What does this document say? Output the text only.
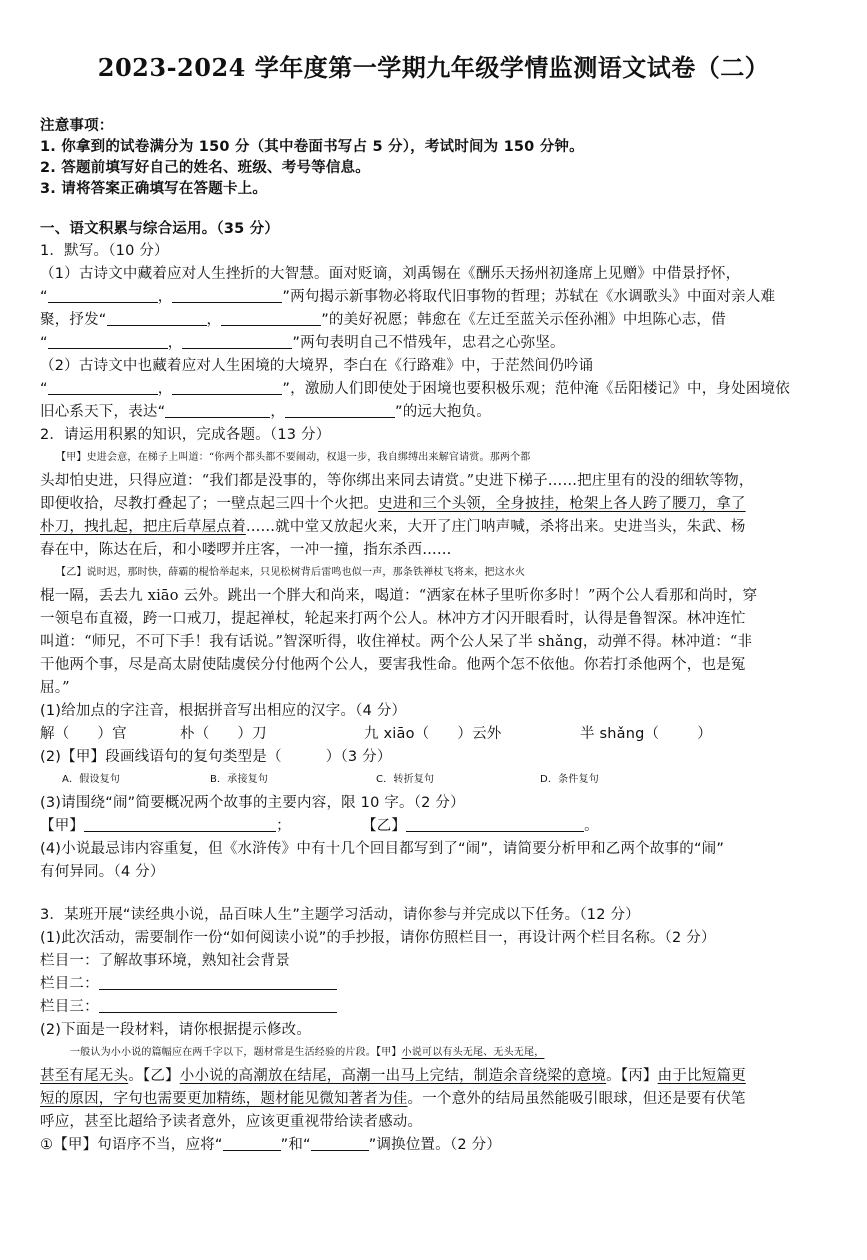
2023-2024 学年度第一学期九年级学情监测语文试卷（二）
注意事项：
1. 你拿到的试卷满分为 150 分（其中卷面书写占 5 分），考试时间为 150 分钟。
2. 答题前填写好自己的姓名、班级、考号等信息。
3. 请将答案正确填写在答题卡上。
一、语文积累与综合运用。（35 分）
1．默写。（10 分）
（1）古诗文中藏着应对人生挫折的大智慧。面对贬谪，刘禹锡在《酬乐天扬州初逢席上见赠》中借景抒怀，
“	，	”两句揭示新事物必将取代旧事物的哲理；苏轼在《水调歌头》中面对亲人难
聚，抒发“	，	”的美好祝愿；韩愈在《左迁至蓝关示侄孙湘》中坦陈心志，借
“	，	”两句表明自己不惜残年，忠君之心弥坚。
（2）古诗文中也藏着应对人生困境的大境界，李白在《行路难》中，于茫然间仍吟诵
“	，	”，激励人们即使处于困境也要积极乐观；范仲淹《岳阳楼记》中，身处困境依
旧心系天下，表达“	，	”的远大抱负。
2．请运用积累的知识，完成各题。（13 分）
【甲】史进会意，在梯子上叫道：“你两个都头都不要闹动，权退一步，我自绑缚出来解官请赏。那两个都
头却怕史进，只得应道：“我们都是没事的，等你绑出来同去请赏。”史进下梯子……把庄里有的没的细软等物，
即便收拾，尽教打叠起了；一壁点起三四十个火把。史进和三个头领，全身披挂，枪架上各人跨了腰刀，拿了
朴刀，拽扎起，把庄后草屋点着……就中堂又放起火来，大开了庄门呐声喊，杀将出来。史进当头，朱武、杨
春在中，陈达在后，和小喽啰并庄客，一冲一撞，指东杀西……
【乙】说时迟，那时快，薛霸的棍恰举起来，只见松树背后雷鸣也似一声，那条铁禅杖飞将来，把这水火
棍一隔，丢去九 xiāo 云外。跳出一个胖大和尚来，喝道：“洒家在林子里听你多时！”两个公人看那和尚时，穿
一领皂布直裰，跨一口戒刀，提起禅杖，轮起来打两个公人。林冲方才闪开眼看时，认得是鲁智深。林冲连忙
叫道：“师兄，不可下手！我有话说。”智深听得，收住禅杖。两个公人呆了半 shǎng，动弹不得。林冲道：“非
干他两个事，尽是高太尉使陆虞侯分付他两个公人，要害我性命。他两个怎不依他。你若打杀他两个，也是冤
屈。”
(1)给加点的字注音，根据拼音写出相应的汉字。（4 分）
解（ ）官	朴（ ）刀	九 xiāo（ ）云外	半 shǎng（	）
(2)【甲】段画线语句的复句类型是（　　　）（3 分）
A．假设复句	B．承接复句	C．转折复句	D．条件复句
(3)请围绕“闹”简要概况两个故事的主要内容，限 10 字。（2 分）
【甲】	；	【乙】	。
(4)小说最忌讳内容重复，但《水浒传》中有十几个回目都写到了“闹”，请简要分析甲和乙两个故事的“闹”
有何异同。（4 分）
3．某班开展“读经典小说，品百味人生”主题学习活动，请你参与并完成以下任务。（12 分）
(1)此次活动，需要制作一份“如何阅读小说”的手抄报，请你仿照栏目一，再设计两个栏目名称。（2 分）
栏目一：了解故事环境，熟知社会背景
栏目二：
栏目三：
(2)下面是一段材料，请你根据提示修改。
一般认为小小说的篇幅应在两千字以下，题材常是生活经验的片段。【甲】小说可以有头无尾、无头无尾，
甚至有尾无头。【乙】小小说的高潮放在结尾，高潮一出马上完结，制造余音绕梁的意境。【丙】由于比短篇更
短的原因，字句也需要更加精练，题材能见微知著者为佳。一个意外的结局虽然能吸引眼球，但还是要有伏笔
呼应，甚至比超给予读者意外，应该更重视带给读者感动。
①【甲】句语序不当，应将“	”和“	”调换位置。（2 分）
